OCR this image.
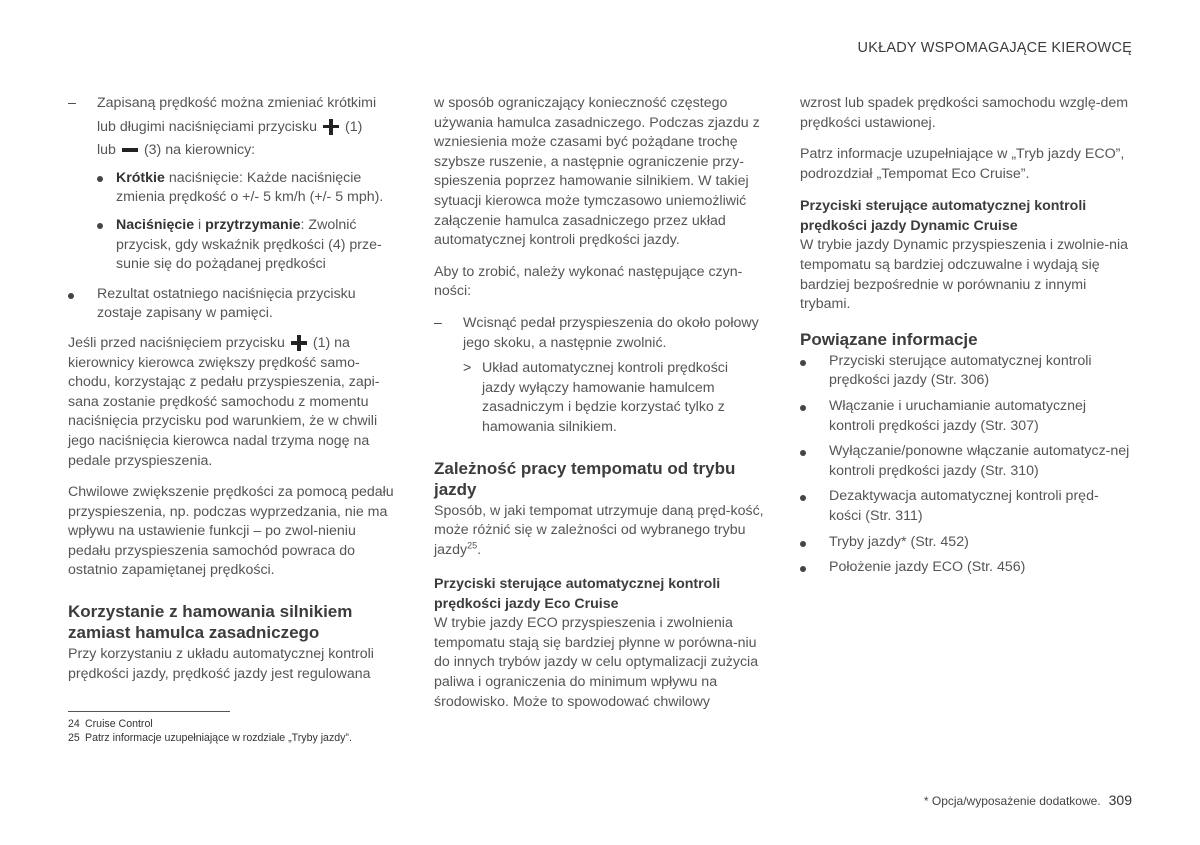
UKŁADY WSPOMAGAJĄCE KIEROWCĘ
–	Zapisaną prędkość można zmieniać krótkimi
lub długimi naciśnięciami przycisku (1)
lub (3) na kierownicy:
Krótkie naciśnięcie: Każde naciśnięcie zmienia prędkość o +/- 5 km/h (+/- 5 mph).
Naciśnięcie i przytrzymanie: Zwolnić przycisk, gdy wskaźnik prędkości (4) prze-sunie się do pożądanej prędkości
Rezultat ostatniego naciśnięcia przycisku zostaje zapisany w pamięci.

Jeśli przed naciśnięciem przycisku (1) na kierownicy kierowca zwiększy prędkość samo-chodu, korzystając z pedału przyspieszenia, zapi-sana zostanie prędkość samochodu z momentu naciśnięcia przycisku pod warunkiem, że w chwili jego naciśnięcia kierowca nadal trzyma nogę na pedale przyspieszenia.

Chwilowe zwiększenie prędkości za pomocą pedału przyspieszenia, np. podczas wyprzedzania, nie ma wpływu na ustawienie funkcji – po zwol-nieniu pedału przyspieszenia samochód powraca do ostatnio zapamiętanej prędkości.

Korzystanie z hamowania silnikiem zamiast hamulca zasadniczego

Przy korzystaniu z układu automatycznej kontroli prędkości jazdy, prędkość jazdy jest regulowana

w sposób ograniczający konieczność częstego używania hamulca zasadniczego. Podczas zjazdu z wzniesienia może czasami być pożądane trochę szybsze ruszenie, a następnie ograniczenie przy-spieszenia poprzez hamowanie silnikiem. W takiej sytuacji kierowca może tymczasowo uniemożliwić załączenie hamulca zasadniczego przez układ automatycznej kontroli prędkości jazdy.

Aby to zrobić, należy wykonać następujące czyn-ności:

–	Wcisnąć pedał przyspieszenia do około połowy jego skoku, a następnie zwolnić.
> Układ automatycznej kontroli prędkości jazdy wyłączy hamowanie hamulcem zasadniczym i będzie korzystać tylko z hamowania silnikiem.
Zależność pracy tempomatu od trybu jazdy

Sposób, w jaki tempomat utrzymuje daną pręd-kość, może różnić się w zależności od wybranego trybu jazdy$^{25}$.

Przyciski sterujące automatycznej kontroli prędkości jazdy Eco Cruise

W trybie jazdy ECO przyspieszenia i zwolnienia tempomatu stają się bardziej płynne w porówna-niu do innych trybów jazdy w celu optymalizacji zużycia paliwa i ograniczenia do minimum wpływu na środowisko. Może to spowodować chwilowy

wzrost lub spadek prędkości samochodu wzglę-dem prędkości ustawionej.

Patrz informacje uzupełniające w „Tryb jazdy ECO”, podrozdział „Tempomat Eco Cruise”.

Przyciski sterujące automatycznej kontroli prędkości jazdy Dynamic Cruise

W trybie jazdy Dynamic przyspieszenia i zwolnie-nia tempomatu są bardziej odczuwalne i wydają się bardziej bezpośrednie w porównaniu z innymi trybami.

Powiązane informacje
Przyciski sterujące automatycznej kontroli prędkości jazdy (Str. 306)
Włączanie i uruchamianie automatycznej kontroli prędkości jazdy (Str. 307)
Wyłączanie/ponowne włączanie automatycz-nej kontroli prędkości jazdy (Str. 310)
Dezaktywacja automatycznej kontroli pręd-kości (Str. 311)
Tryby jazdy* (Str. 452)
Położenie jazdy ECO (Str. 456)
24 Cruise Control
25 Patrz informacje uzupełniające w rozdziale „Tryby jazdy”.
* Opcja/wyposażenie dodatkowe. 309
